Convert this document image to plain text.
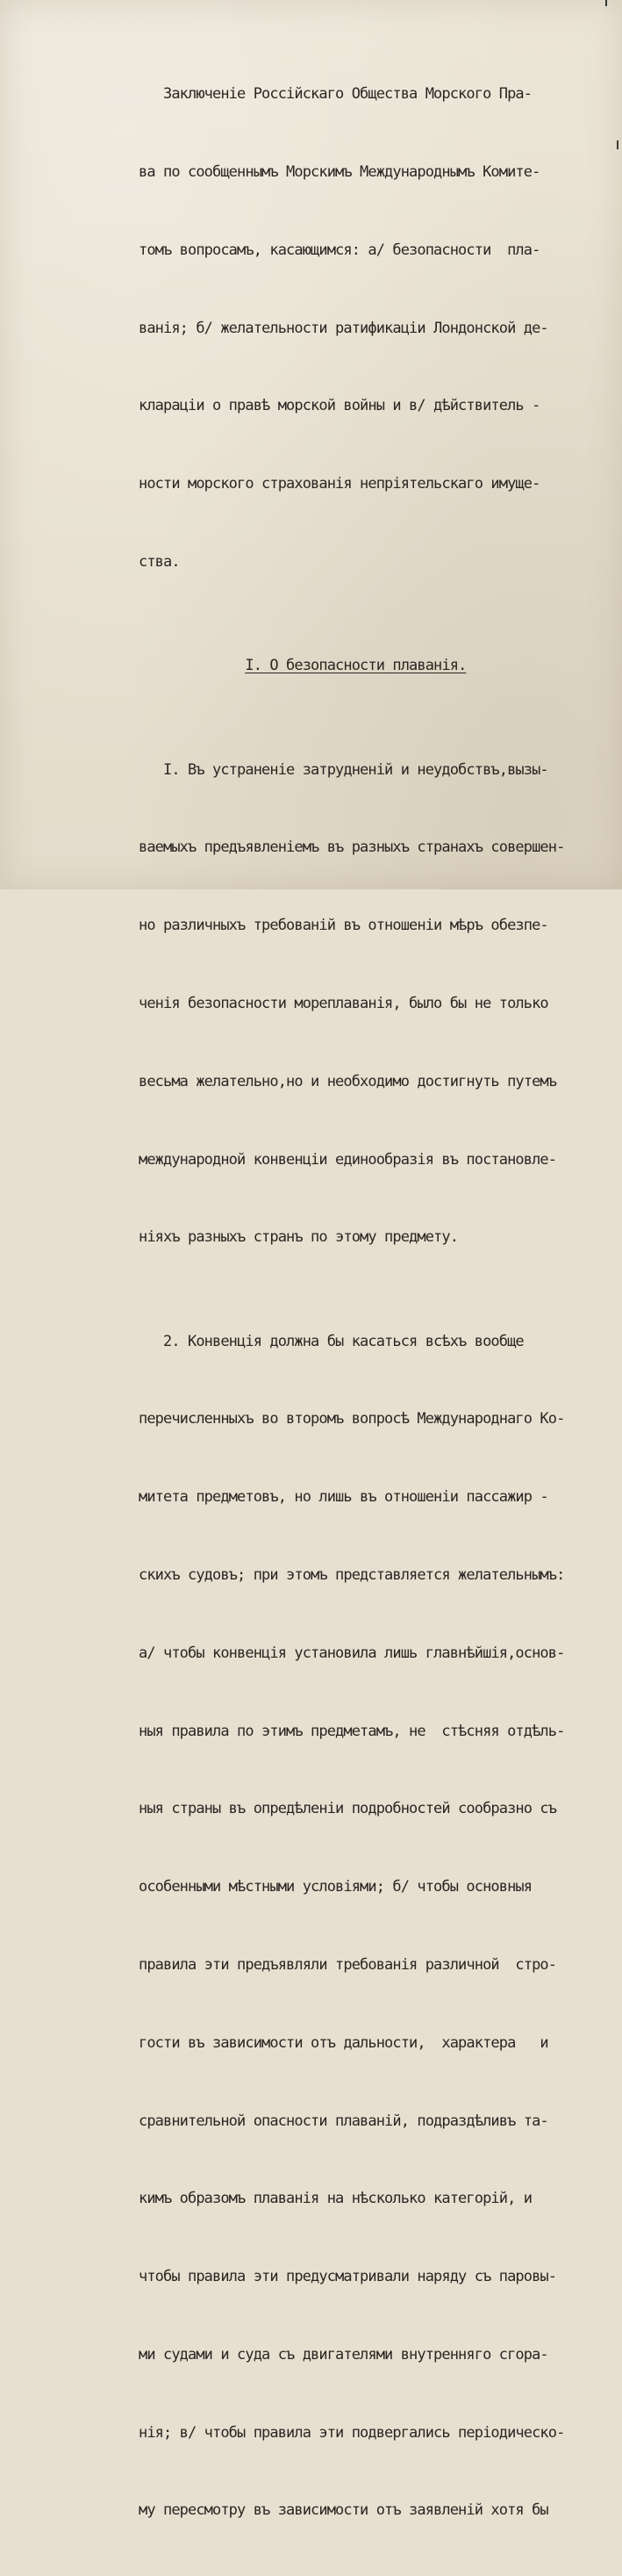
Заключеніе Россійскаго Общества Морского Пра-

ва по сообщеннымъ Морскимъ Международнымъ Комите-

томъ вопросамъ, касающимся: а/ безопасности  пла-

ванія; б/ желательности ратификаціи Лондонской де-

клараціи о правѣ морской войны и в/ дѣйствитель -

ности морского страхованія непріятельскаго имуще-

ства.

I. О безопасности плаванія.

I. Въ устраненіе затрудненій и неудобствъ,вызы-

ваемыхъ предъявленіемъ въ разныхъ странахъ совершен-

но различныхъ требованій въ отношеніи мѣръ обезпе-

ченія безопасности мореплаванія, было бы не только

весьма желательно,но и необходимо достигнуть путемъ

международной конвенціи единообразія въ постановле-

ніяхъ разныхъ странъ по этому предмету.

2. Конвенція должна бы касаться всѣхъ вообще

перечисленныхъ во второмъ вопросѣ Международнаго Ко-

митета предметовъ, но лишь въ отношеніи пассажир -

скихъ судовъ; при этомъ представляется желательнымъ:

а/ чтобы конвенція установила лишь главнѣйшія,основ-

ныя правила по этимъ предметамъ, не  стѣсняя отдѣль-

ныя страны въ опредѣленіи подробностей сообразно съ

особенными мѣстными условіями; б/ чтобы основныя

правила эти предъявляли требованія различной  стро-

гости въ зависимости отъ дальности,  характера   и

сравнительной опасности плаваній, подраздѣливъ та-

кимъ образомъ плаванія на нѣсколько категорій, и

чтобы правила эти предусматривали наряду съ паровы-

ми судами и суда съ двигателями внутренняго сгора-

нія; в/ чтобы правила эти подвергались періодическо-

му пересмотру въ зависимости отъ заявленій хотя бы
